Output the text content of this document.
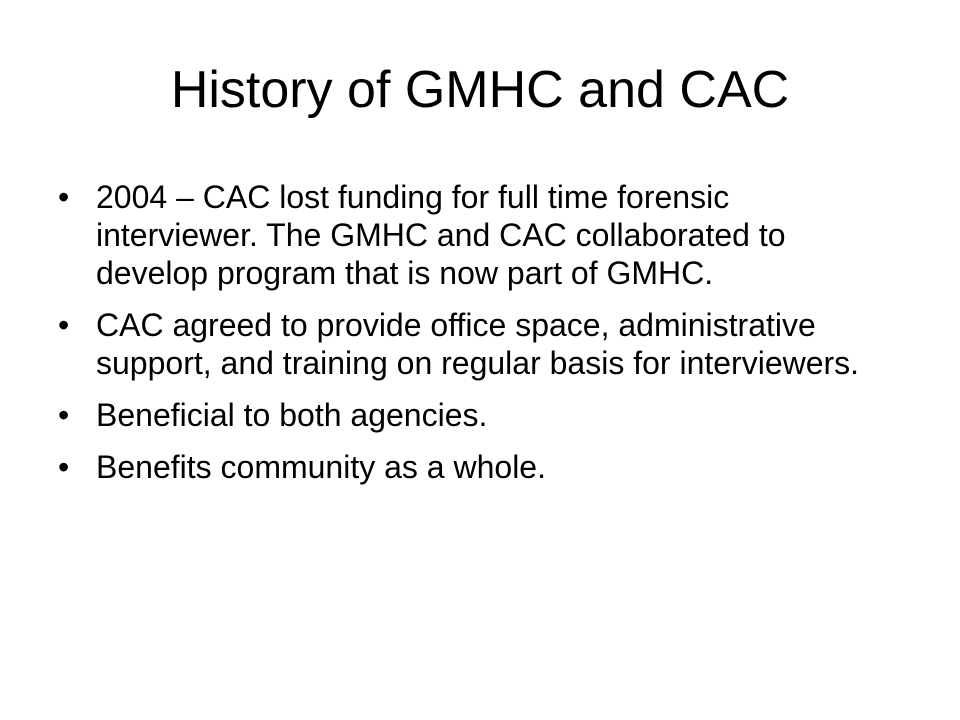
History of GMHC and CAC
• 2004 – CAC lost funding for full time forensic interviewer. The GMHC and CAC collaborated to develop program that is now part of GMHC.
• CAC agreed to provide office space, administrative support, and training on regular basis for interviewers.
• Beneficial to both agencies.
• Benefits community as a whole.
